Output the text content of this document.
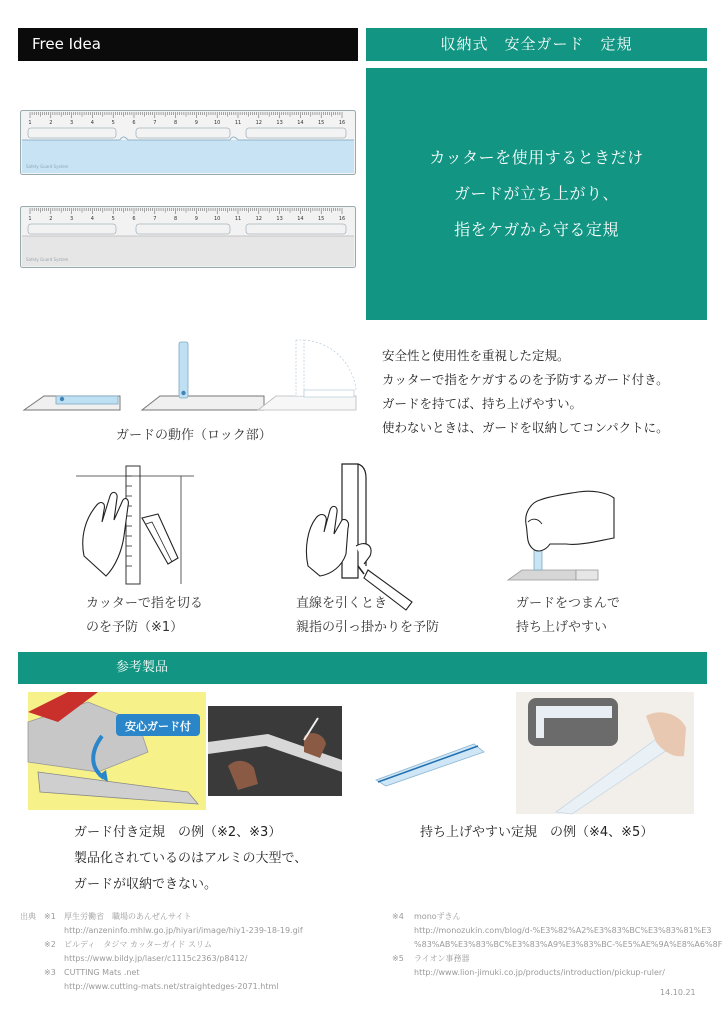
Free Idea	収納式　安全ガード　定規
カッターを使用するときだけ
ガードが立ち上がり、
指をケガから守る定規
1	2	3	4	5	6	7	8	9	10	11	12	13	14	15	16
Safety Guard System
1	2	3	4	5	6	7	8	9	10	11	12	13	14	15	16
Safety Guard System
ガードの動作（ロック部）
安全性と使用性を重視した定規。
カッターで指をケガするのを予防するガード付き。
ガードを持てば、持ち上げやすい。
使わないときは、ガードを収納してコンパクトに。
カッターで指を切る
のを予防（※1）
直線を引くとき
親指の引っ掛かりを予防
ガードをつまんで
持ち上げやすい
参考製品
安心ガード付
ガード付き定規　の例（※2、※3）
製品化されているのはアルミの大型で、
ガードが収納できない。
持ち上げやすい定規　の例（※4、※5）
出典　※1 厚生労働省　職場のあんぜんサイト
http://anzeninfo.mhlw.go.jp/hiyari/image/hiy1-239-18-19.gif
※2 ビルディ　タジマ カッターガイド スリム
https://www.bildy.jp/laser/c1115c2363/p8412/
※3 CUTTING Mats .net
http://www.cutting-mats.net/straightedges-2071.html
※4 monoずきん
http://monozukin.com/blog/d-%E3%82%A2%E3%83%BC%E3%83%81%E3
%83%AB%E3%83%BC%E3%83%A9%E3%83%BC-%E5%AE%9A%E8%A6%8F
※5 ライオン事務器
http://www.lion-jimuki.co.jp/products/introduction/pickup-ruler/
14.10.21
